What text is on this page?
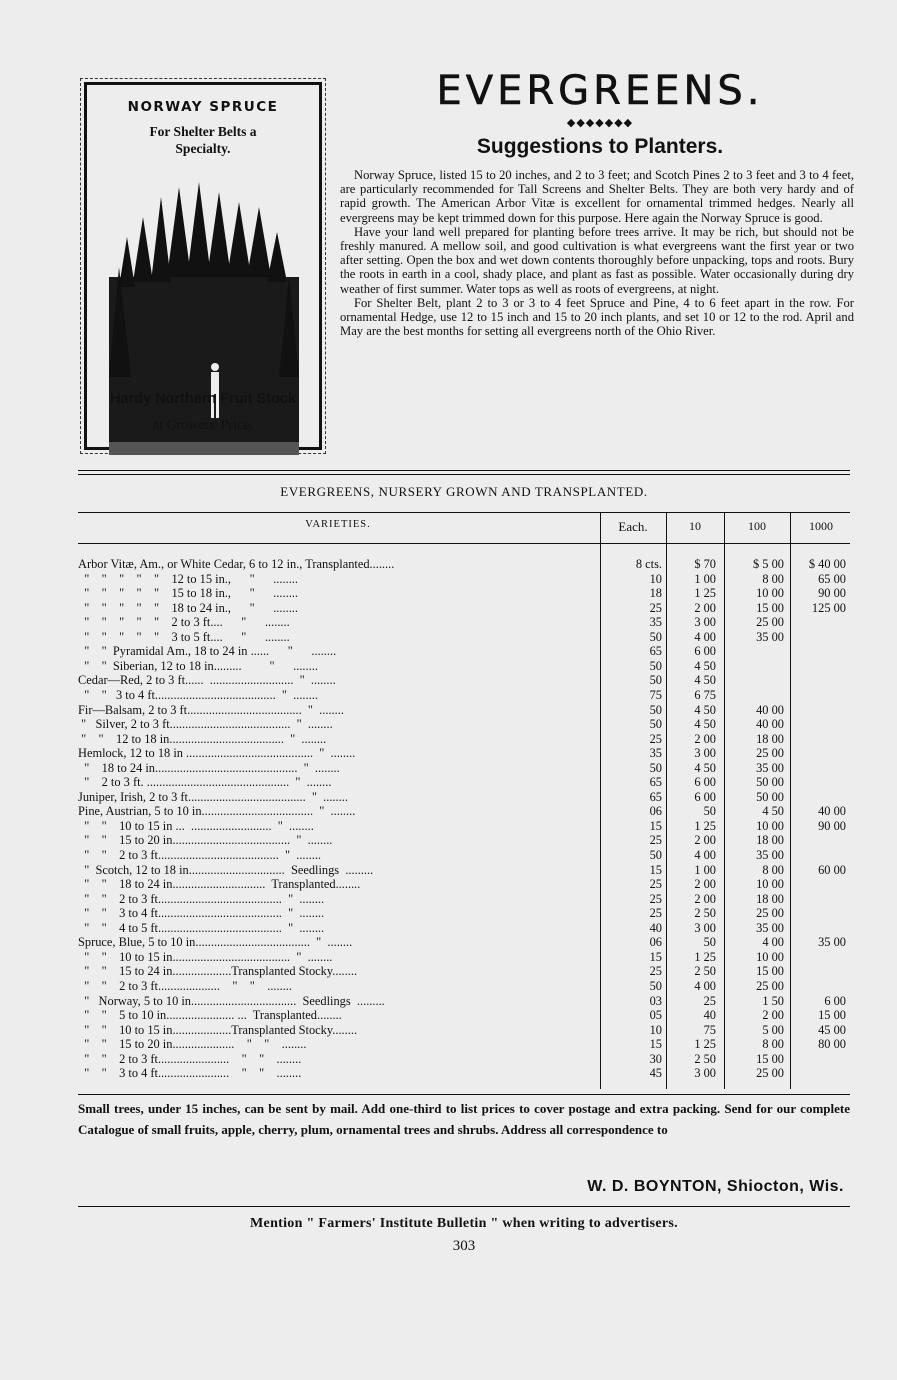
NORWAY SPRUCE
For Shelter Belts a
Specialty.
Hardy Northern Fruit Stock
at Growers' Price.
EVERGREENS.
◆◆◆◆◆◆◆
Suggestions to Planters.

Norway Spruce, listed 15 to 20 inches, and 2 to 3 feet; and Scotch Pines 2 to 3 feet and 3 to 4 feet, are particularly recommended for Tall Screens and Shelter Belts. They are both very hardy and of rapid growth. The American Arbor Vitæ is excellent for ornamental trimmed hedges. Nearly all evergreens may be kept trimmed down for this purpose. Here again the Norway Spruce is good.

Have your land well prepared for planting before trees arrive. It may be rich, but should not be freshly manured. A mellow soil, and good cultivation is what evergreens want the first year or two after setting. Open the box and wet down contents thoroughly before unpacking, tops and roots. Bury the roots in earth in a cool, shady place, and plant as fast as possible. Water occasionally during dry weather of first summer. Water tops as well as roots of evergreens, at night.

For Shelter Belt, plant 2 to 3 or 3 to 4 feet Spruce and Pine, 4 to 6 feet apart in the row. For ornamental Hedge, use 12 to 15 inch and 15 to 20 inch plants, and set 10 or 12 to the rod. April and May are the best months for setting all evergreens north of the Ohio River.

EVERGREENS, NURSERY GROWN AND TRANSPLANTED.
VARIETIES.	Each.	10	100	1000
Arbor Vitæ, Am., or White Cedar, 6 to 12 in., Transplanted........	8 cts.	$ 70	$ 5 00	$ 40 00
"    "    "    "    "    12 to 15 in.,      "      ........	10	1 00	8 00	65 00
"    "    "    "    "    15 to 18 in.,      "      ........	18	1 25	10 00	90 00
"    "    "    "    "    18 to 24 in.,      "      ........	25	2 00	15 00	125 00
"    "    "    "    "    2 to 3 ft....      "      ........	35	3 00	25 00
"    "    "    "    "    3 to 5 ft....      "      ........	50	4 00	35 00
"    "  Pyramidal Am., 18 to 24 in ......      "      ........	65	6 00
"    "  Siberian, 12 to 18 in.........         "      ........	50	4 50
Cedar—Red, 2 to 3 ft......  ...........................  "  ........	50	4 50
"    "   3 to 4 ft.......................................  "  ........	75	6 75
Fir—Balsam, 2 to 3 ft.....................................  "  ........	50	4 50	40 00
"   Silver, 2 to 3 ft.......................................  "  ........	50	4 50	40 00
"    "    12 to 18 in.....................................  "  ........	25	2 00	18 00
Hemlock, 12 to 18 in .........................................  "  ........	35	3 00	25 00
"    18 to 24 in..............................................  "  ........	50	4 50	35 00
"    2 to 3 ft. ..............................................  "  ........	65	6 00	50 00
Juniper, Irish, 2 to 3 ft......................................  "  ........	65	6 00	50 00
Pine, Austrian, 5 to 10 in....................................  "  ........	06	50	4 50	40 00
"    "    10 to 15 in ...  ..........................  "  ........	15	1 25	10 00	90 00
"    "    15 to 20 in......................................  "  ........	25	2 00	18 00
"    "    2 to 3 ft.......................................  "  ........	50	4 00	35 00
"  Scotch, 12 to 18 in...............................  Seedlings  .........	15	1 00	8 00	60 00
"    "    18 to 24 in..............................  Transplanted........	25	2 00	10 00
"    "    2 to 3 ft........................................  "  ........	25	2 00	18 00
"    "    3 to 4 ft........................................  "  ........	25	2 50	25 00
"    "    4 to 5 ft........................................  "  ........	40	3 00	35 00
Spruce, Blue, 5 to 10 in.....................................  "  ........	06	50	4 00	35 00
"    "    10 to 15 in......................................  "  ........	15	1 25	10 00
"    "    15 to 24 in...................Transplanted Stocky........	25	2 50	15 00
"    "    2 to 3 ft....................    "    "    ........	50	4 00	25 00
"   Norway, 5 to 10 in..................................  Seedlings  .........	03	25	1 50	6 00
"    "    5 to 10 in...................... ...  Transplanted........	05	40	2 00	15 00
"    "    10 to 15 in...................Transplanted Stocky........	10	75	5 00	45 00
"    "    15 to 20 in....................    "    "    ........	15	1 25	8 00	80 00
"    "    2 to 3 ft.......................    "    "    ........	30	2 50	15 00
"    "    3 to 4 ft.......................    "    "    ........	45	3 00	25 00
Small trees, under 15 inches, can be sent by mail. Add one-third to list prices to cover postage and extra packing. Send for our complete Catalogue of small fruits, apple, cherry, plum, ornamental trees and shrubs. Address all correspondence to
W. D. BOYNTON, Shiocton, Wis.
Mention " Farmers' Institute Bulletin " when writing to advertisers.
303
